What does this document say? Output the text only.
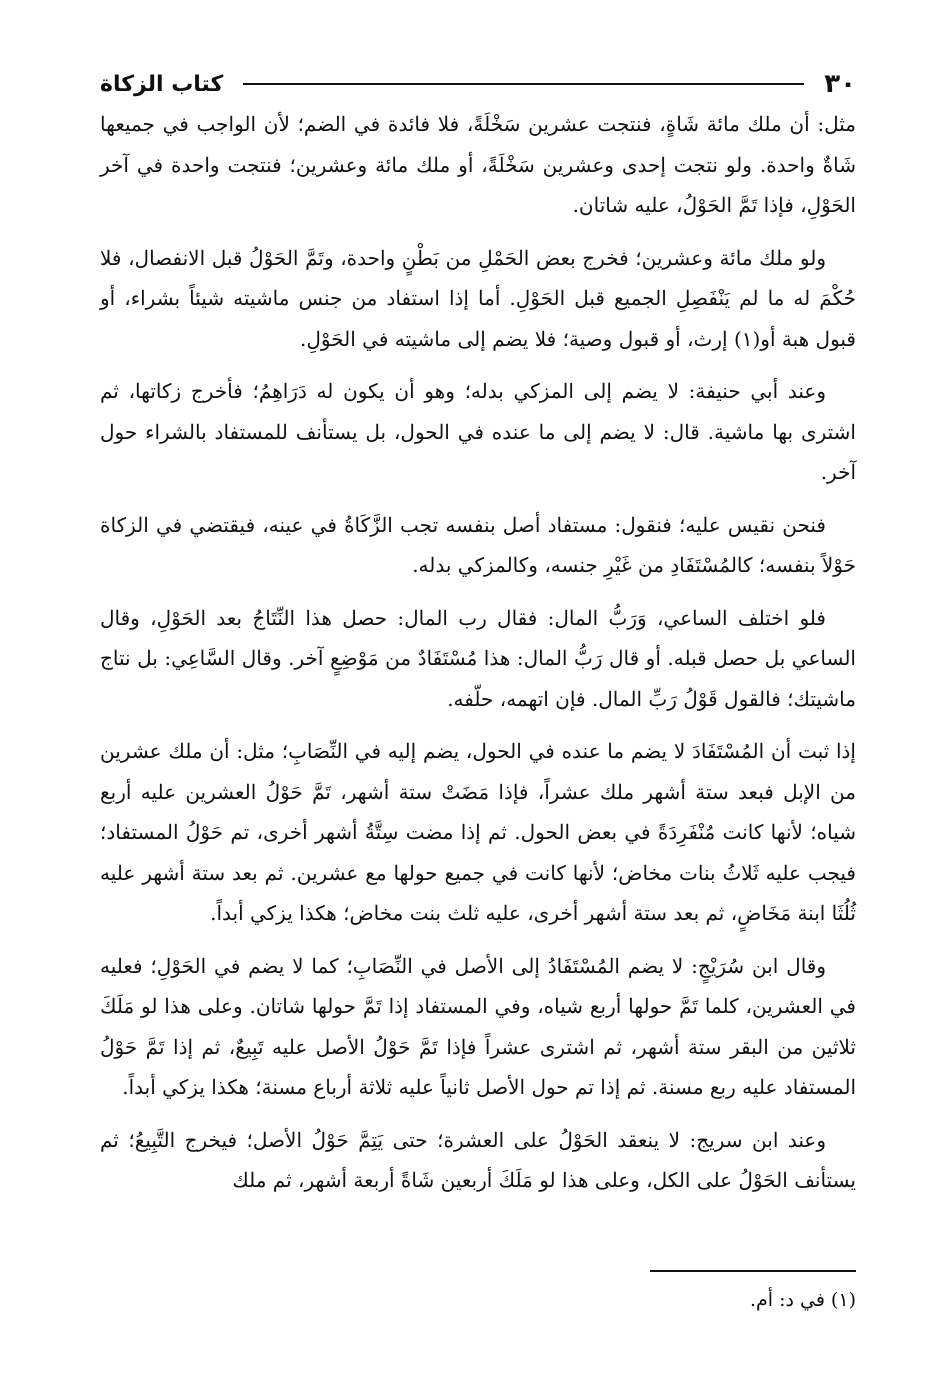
٣٠
كتاب الزكاة

مثل: أن ملك مائة شَاةٍ، فنتجت عشرين سَخْلَةً، فلا فائدة في الضم؛ لأن الواجب في جميعها شَاةٌ واحدة. ولو نتجت إحدى وعشرين سَخْلَةً، أو ملك مائة وعشرين؛ فنتجت واحدة في آخر الحَوْلِ، فإذا تَمَّ الحَوْلُ، عليه شاتان.

ولو ملك مائة وعشرين؛ فخرج بعض الحَمْلِ من بَطْنٍ واحدة، وتَمَّ الحَوْلُ قبل الانفصال، فلا حُكْمَ له ما لم يَنْفَصِلِ الجميع قبل الحَوْلِ. أما إذا استفاد من جنس ماشيته شيئاً بشراء، أو قبول هبة أو(١) إرث، أو قبول وصية؛ فلا يضم إلى ماشيته في الحَوْلِ.

وعند أبي حنيفة: لا يضم إلى المزكي بدله؛ وهو أن يكون له دَرَاهِمُ؛ فأخرج زكاتها، ثم اشترى بها ماشية. قال: لا يضم إلى ما عنده في الحول، بل يستأنف للمستفاد بالشراء حول آخر.

فنحن نقيس عليه؛ فنقول: مستفاد أصل بنفسه تجب الزَّكَاةُ في عينه، فيقتضي في الزكاة حَوْلاً بنفسه؛ كالمُسْتَفَادِ من غَيْرِ جنسه، وكالمزكي بدله.

فلو اختلف الساعي، وَرَبُّ المال: فقال رب المال: حصل هذا النِّتَاجُ بعد الحَوْلِ، وقال الساعي بل حصل قبله. أو قال رَبُّ المال: هذا مُسْتَفَادٌ من مَوْضِعٍ آخر. وقال السَّاعِي: بل نتاج ماشيتك؛ فالقول قَوْلُ رَبِّ المال. فإن اتهمه، حلّفه.

إذا ثبت أن المُسْتَفَادَ لا يضم ما عنده في الحول، يضم إليه في النِّصَابِ؛ مثل: أن ملك عشرين من الإبل فبعد ستة أشهر ملك عشراً، فإذا مَضَتْ ستة أشهر، تَمَّ حَوْلُ العشرين عليه أربع شياه؛ لأنها كانت مُنْفَرِدَةً في بعض الحول. ثم إذا مضت سِتَّةُ أشهر أخرى، تم حَوْلُ المستفاد؛ فيجب عليه ثَلاثُ بنات مخاض؛ لأنها كانت في جميع حولها مع عشرين. ثم بعد ستة أشهر عليه ثُلُثَا ابنة مَخَاضٍ، ثم بعد ستة أشهر أخرى، عليه ثلث بنت مخاض؛ هكذا يزكي أبداً.

وقال ابن سُرَيْجٍ: لا يضم المُسْتَفَادُ إلى الأصل في النِّصَابِ؛ كما لا يضم في الحَوْلِ؛ فعليه في العشرين، كلما تَمَّ حولها أربع شياه، وفي المستفاد إذا تَمَّ حولها شاتان. وعلى هذا لو مَلَكَ ثلاثين من البقر ستة أشهر، ثم اشترى عشراً فإذا تَمَّ حَوْلُ الأصل عليه تَبِيعٌ، ثم إذا تَمَّ حَوْلُ المستفاد عليه ربع مسنة. ثم إذا تم حول الأصل ثانياً عليه ثلاثة أرباع مسنة؛ هكذا يزكي أبداً.

وعند ابن سريج: لا ينعقد الحَوْلُ على العشرة؛ حتى يَتِمَّ حَوْلُ الأصل؛ فيخرج التَّبِيعُ؛ ثم يستأنف الحَوْلُ على الكل، وعلى هذا لو مَلَكَ أربعين شَاةً أربعة أشهر، ثم ملك

(١) في د: أم.
